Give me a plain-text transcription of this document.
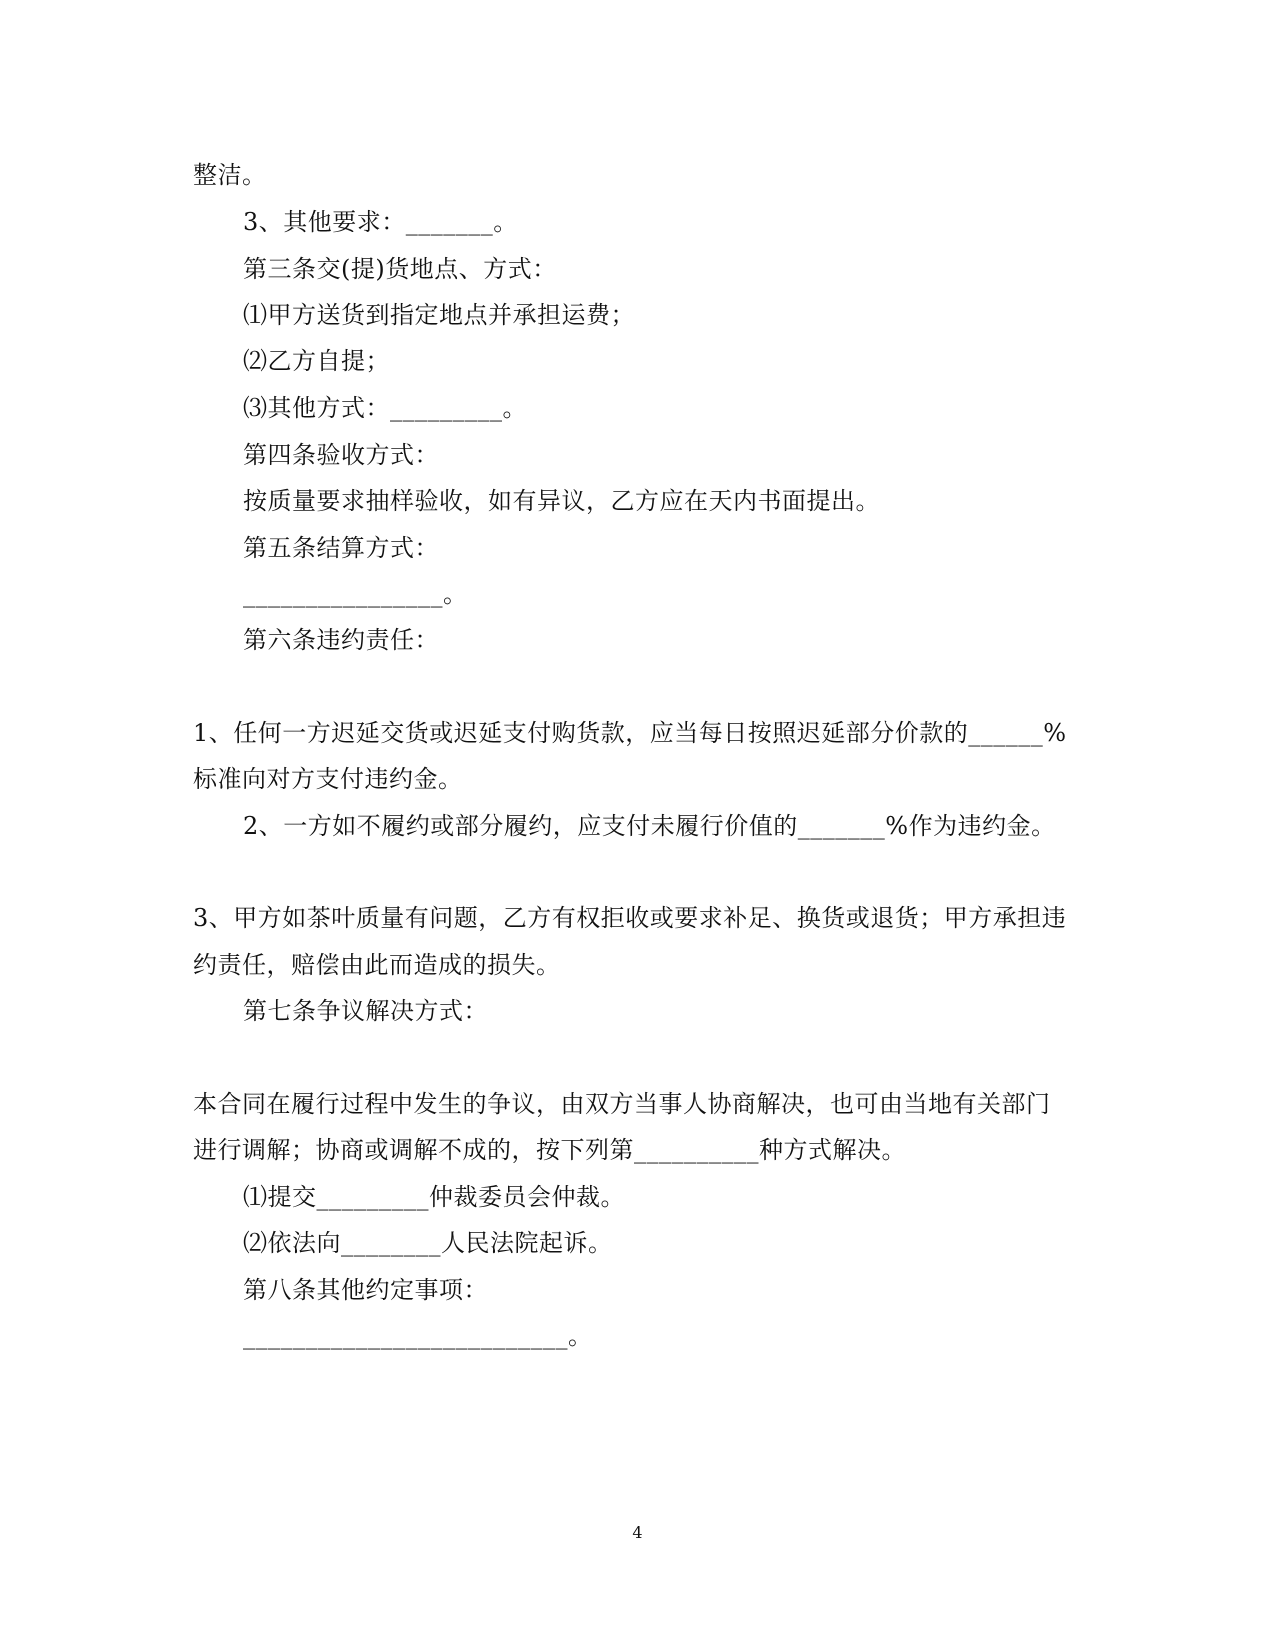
整洁。
3、其他要求：_______。
第三条交(提)货地点、方式：
⑴甲方送货到指定地点并承担运费；
⑵乙方自提；
⑶其他方式：_________。
第四条验收方式：
按质量要求抽样验收，如有异议，乙方应在天内书面提出。
第五条结算方式：
________________。
第六条违约责任：
1、任何一方迟延交货或迟延支付购货款，应当每日按照迟延部分价款的______%
标准向对方支付违约金。
2、一方如不履约或部分履约，应支付未履行价值的_______%作为违约金。
3、甲方如茶叶质量有问题，乙方有权拒收或要求补足、换货或退货；甲方承担违
约责任，赔偿由此而造成的损失。
第七条争议解决方式：
本合同在履行过程中发生的争议，由双方当事人协商解决，也可由当地有关部门
进行调解；协商或调解不成的，按下列第__________种方式解决。
⑴提交_________仲裁委员会仲裁。
⑵依法向________人民法院起诉。
第八条其他约定事项：
__________________________。
4
